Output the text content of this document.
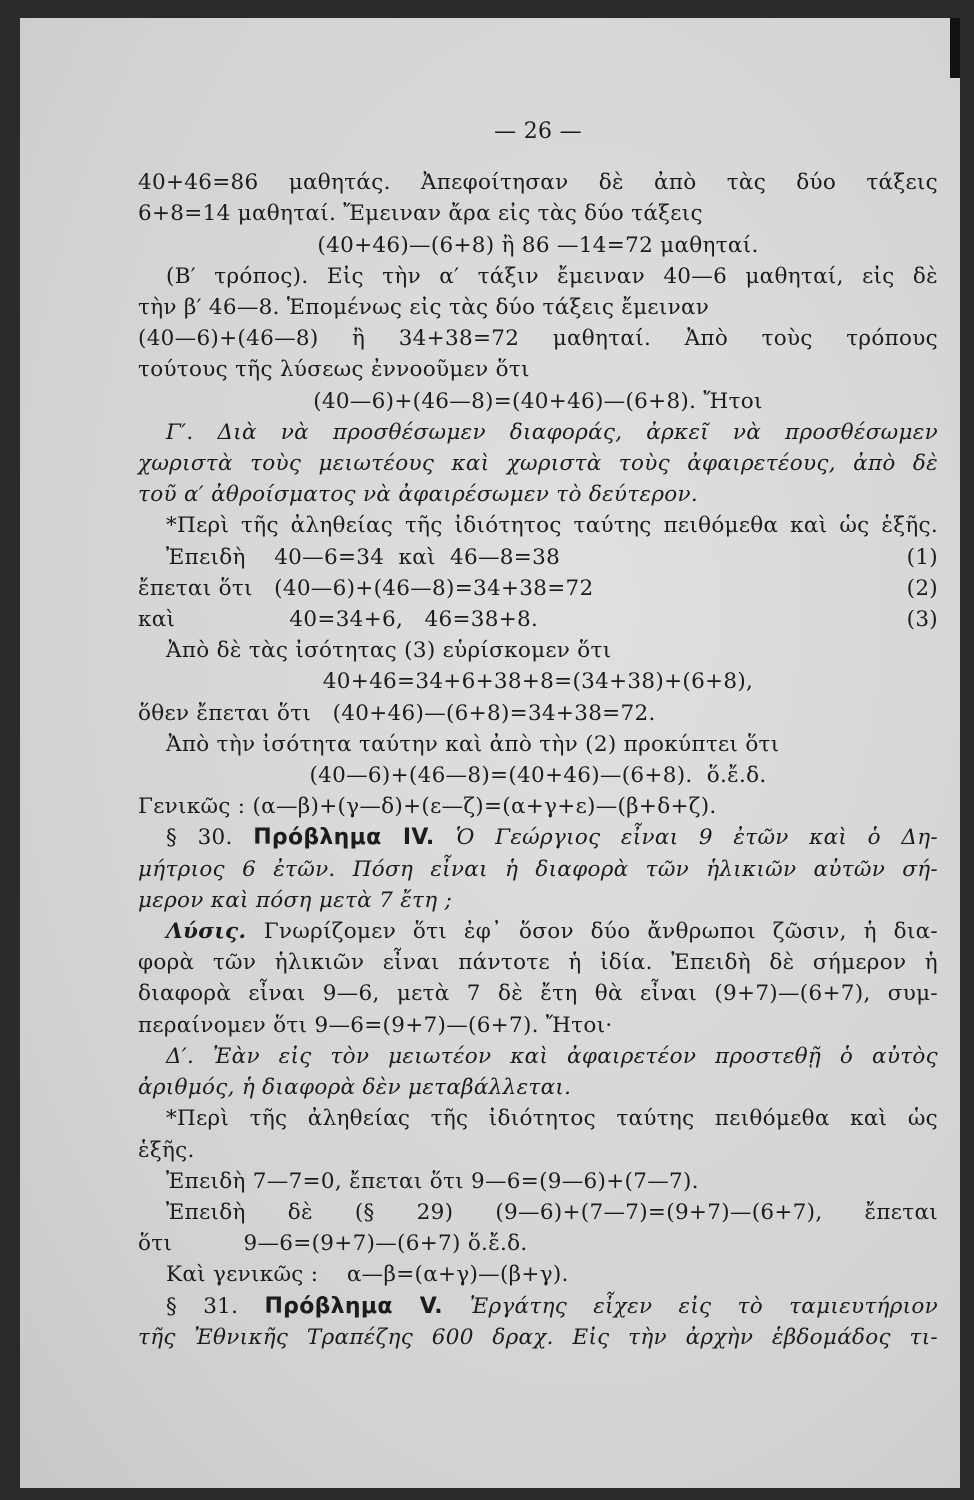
— 26 —
40+46=86 μαθητάς. Ἀπεφοίτησαν δὲ ἀπὸ τὰς δύο τάξεις
6+8=14 μαθηταί. Ἔμειναν ἄρα εἰς τὰς δύο τάξεις
(40+46)—(6+8) ἢ 86 —14=72 μαθηταί.
(Β′ τρόπος). Εἰς τὴν α′ τάξιν ἔμειναν 40—6 μαθηταί, εἰς δὲ
τὴν β′ 46—8. Ἑπομένως εἰς τὰς δύο τάξεις ἔμειναν
(40—6)+(46—8) ἢ 34+38=72 μαθηταί. Ἀπὸ τοὺς τρόπους
τούτους τῆς λύσεως ἐννοοῦμεν ὅτι
(40—6)+(46—8)=(40+46)—(6+8). Ἤτοι
Γ′. Διὰ νὰ προσθέσωμεν διαφοράς, ἀρκεῖ νὰ προσθέσωμεν
χωριστὰ τοὺς μειωτέους καὶ χωριστὰ τοὺς ἀφαιρετέους, ἀπὸ δὲ
τοῦ α′ ἀθροίσματος νὰ ἀφαιρέσωμεν τὸ δεύτερον.
*Περὶ τῆς ἀληθείας τῆς ἰδιότητος ταύτης πειθόμεθα καὶ ὡς ἑξῆς.
Ἐπειδὴ    40—6=34  καὶ  46—8=38	(1)
ἔπεται ὅτι   (40—6)+(46—8)=34+38=72	(2)
καὶ                40=34+6,   46=38+8.	(3)
Ἀπὸ δὲ τὰς ἰσότητας (3) εὑρίσκομεν ὅτι
40+46=34+6+38+8=(34+38)+(6+8),
ὅθεν ἔπεται ὅτι   (40+46)—(6+8)=34+38=72.
Ἀπὸ τὴν ἰσότητα ταύτην καὶ ἀπὸ τὴν (2) προκύπτει ὅτι
(40—6)+(46—8)=(40+46)—(6+8).  ὅ.ἔ.δ.
Γενικῶς : (α—β)+(γ—δ)+(ε—ζ)=(α+γ+ε)—(β+δ+ζ).
§ 30. Πρόβλημα IV. Ὁ Γεώργιος εἶναι 9 ἐτῶν καὶ ὁ Δη-
μήτριος 6 ἐτῶν. Πόση εἶναι ἡ διαφορὰ τῶν ἡλικιῶν αὐτῶν σή-
μερον καὶ πόση μετὰ 7 ἔτη ;
Λύσις. Γνωρίζομεν ὅτι ἐφ᾽ ὅσον δύο ἄνθρωποι ζῶσιν, ἡ δια-
φορὰ τῶν ἡλικιῶν εἶναι πάντοτε ἡ ἰδία. Ἐπειδὴ δὲ σήμερον ἡ
διαφορὰ εἶναι 9—6, μετὰ 7 δὲ ἔτη θὰ εἶναι (9+7)—(6+7), συμ-
περαίνομεν ὅτι 9—6=(9+7)—(6+7). Ἤτοι·
Δ′. Ἐὰν εἰς τὸν μειωτέον καὶ ἀφαιρετέον προστεθῇ ὁ αὐτὸς
ἀριθμός, ἡ διαφορὰ δὲν μεταβάλλεται.
*Περὶ τῆς ἀληθείας τῆς ἰδιότητος ταύτης πειθόμεθα καὶ ὡς
ἑξῆς.
Ἐπειδὴ 7—7=0, ἔπεται ὅτι 9—6=(9—6)+(7—7).
Ἐπειδὴ δὲ (§ 29) (9—6)+(7—7)=(9+7)—(6+7), ἔπεται
ὅτι          9—6=(9+7)—(6+7) ὅ.ἔ.δ.
Καὶ γενικῶς :    α—β=(α+γ)—(β+γ).
§ 31. Πρόβλημα V. Ἐργάτης εἶχεν εἰς τὸ ταμιευτήριον
τῆς Ἐθνικῆς Τραπέζης 600 δραχ. Εἰς τὴν ἀρχὴν ἑβδομάδος τι-
